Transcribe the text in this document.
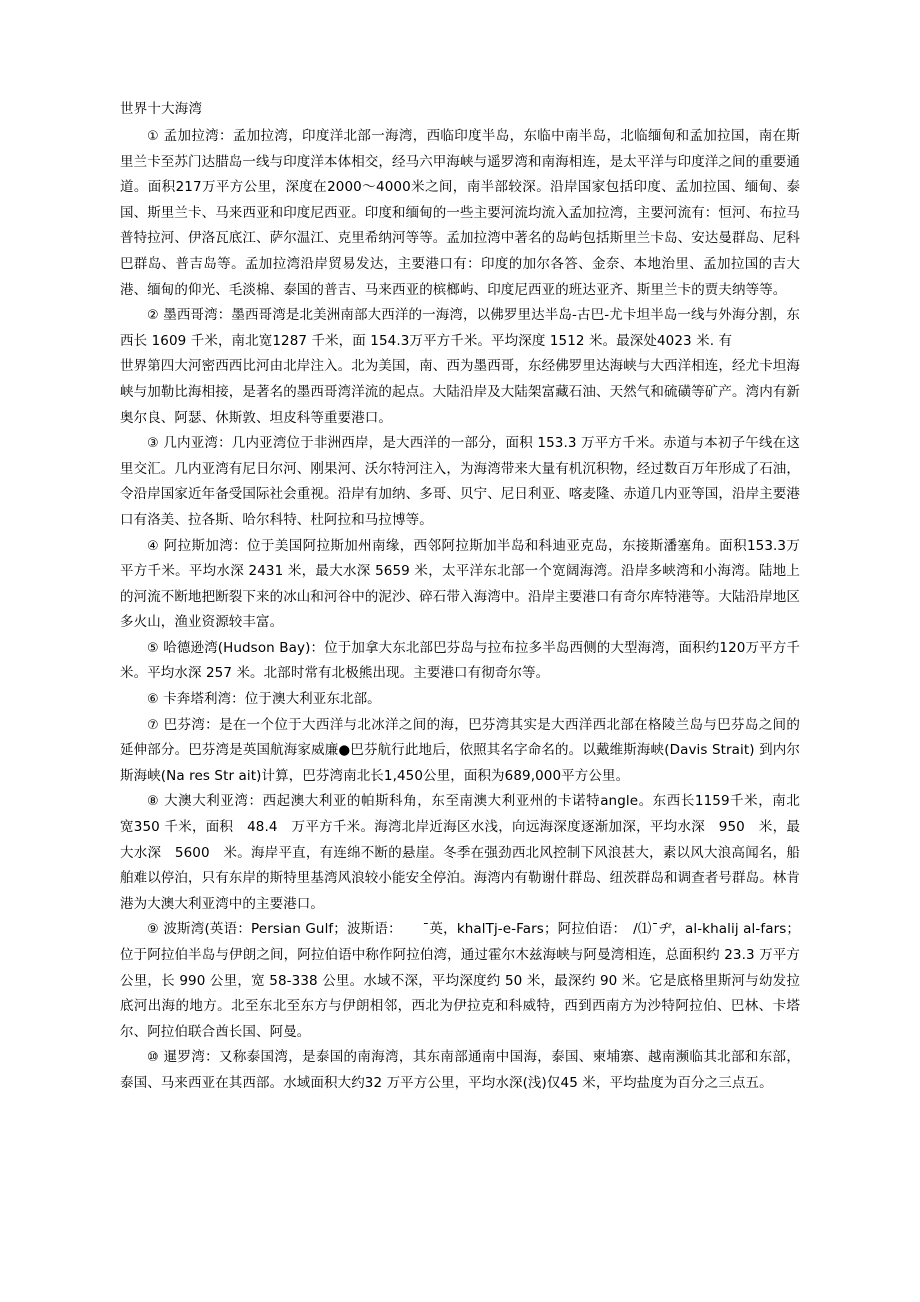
世界十大海湾

① 孟加拉湾：孟加拉湾，印度洋北部一海湾，西临印度半岛，东临中南半岛，北临缅甸和孟加拉国，南在斯里兰卡至苏门达腊岛一线与印度洋本体相交，经马六甲海峡与遥罗湾和南海相连，是太平洋与印度洋之间的重要通道。面积217万平方公里，深度在2000～4000米之间，南半部较深。沿岸国家包括印度、孟加拉国、缅甸、泰国、斯里兰卡、马来西亚和印度尼西亚。印度和缅甸的一些主要河流均流入孟加拉湾，主要河流有：恒河、布拉马普特拉河、伊洛瓦底江、萨尔温江、克里希纳河等等。孟加拉湾中著名的岛屿包括斯里兰卡岛、安达曼群岛、尼科巴群岛、普吉岛等。孟加拉湾沿岸贸易发达，主要港口有：印度的加尔各答、金奈、本地治里、孟加拉国的吉大港、缅甸的仰光、毛淡棉、泰国的普吉、马来西亚的槟榔屿、印度尼西亚的班达亚齐、斯里兰卡的贾夫纳等等。

② 墨西哥湾：墨西哥湾是北美洲南部大西洋的一海湾，以佛罗里达半岛-古巴-尤卡坦半岛一线与外海分割，东西长 1609 千米，南北宽1287 千米，面 154.3万平方千米。平均深度 1512 米。最深处4023 米. 有

世界第四大河密西西比河由北岸注入。北为美国，南、西为墨西哥，东经佛罗里达海峡与大西洋相连，经尤卡坦海峡与加勒比海相接，是著名的墨西哥湾洋流的起点。大陆沿岸及大陆架富藏石油、天然气和硫磺等矿产。湾内有新奥尔良、阿瑟、休斯敦、坦皮科等重要港口。

③ 几内亚湾：几内亚湾位于非洲西岸，是大西洋的一部分，面积 153.3 万平方千米。赤道与本初子午线在这里交汇。几内亚湾有尼日尔河、刚果河、沃尔特河注入，为海湾带来大量有机沉积物，经过数百万年形成了石油，令沿岸国家近年备受国际社会重视。沿岸有加纳、多哥、贝宁、尼日利亚、喀麦隆、赤道几内亚等国，沿岸主要港口有洛美、拉各斯、哈尔科特、杜阿拉和马拉博等。

④ 阿拉斯加湾：位于美国阿拉斯加州南缘，西邻阿拉斯加半岛和科迪亚克岛，东接斯潘塞角。面积153.3万平方千米。平均水深 2431 米，最大水深 5659 米，太平洋东北部一个宽阔海湾。沿岸多峡湾和小海湾。陆地上的河流不断地把断裂下来的冰山和河谷中的泥沙、碎石带入海湾中。沿岸主要港口有奇尔库特港等。大陆沿岸地区多火山，渔业资源较丰富。

⑤ 哈德逊湾(Hudson Bay)：位于加拿大东北部巴芬岛与拉布拉多半岛西侧的大型海湾，面积约120万平方千米。平均水深 257 米。北部时常有北极熊出现。主要港口有彻奇尔等。

⑥ 卡奔塔利湾：位于澳大利亚东北部。

⑦ 巴芬湾：是在一个位于大西洋与北冰洋之间的海，巴芬湾其实是大西洋西北部在格陵兰岛与巴芬岛之间的延伸部分。巴芬湾是英国航海家威廉●巴芬航行此地后，依照其名字命名的。以戴维斯海峡(Davis Strait) 到内尔斯海峡(Na res Str ait)计算，巴芬湾南北长1,450公里，面积为689,000平方公里。

⑧ 大澳大利亚湾：西起澳大利亚的帕斯科角，东至南澳大利亚州的卡诺特angle。东西长1159千米，南北　宽350 千米，面积　48.4　万平方千米。海湾北岸近海区水浅，向远海深度逐渐加深，平均水深　950　米，最大水深　5600　米。海岸平直，有连绵不断的悬崖。冬季在强劲西北风控制下风浪甚大，素以风大浪高闻名，船舶难以停泊，只有东岸的斯特里基湾风浪较小能安全停泊。海湾内有勒谢什群岛、纽茨群岛和调查者号群岛。林肯港为大澳大利亚湾中的主要港口。

⑨ 波斯湾(英语：Persian Gulf；波斯语：　　ˉ英，khalTj-e-Fars；阿拉伯语：　/⑴ˉヂ，al-khalij al-fars；位于阿拉伯半岛与伊朗之间，阿拉伯语中称作阿拉伯湾，通过霍尔木兹海峡与阿曼湾相连，总面积约 23.3 万平方公里，长 990 公里，宽 58-338 公里。水域不深，平均深度约 50 米，最深约 90 米。它是底格里斯河与幼发拉底河出海的地方。北至东北至东方与伊朗相邻，西北为伊拉克和科威特，西到西南方为沙特阿拉伯、巴林、卡塔尔、阿拉伯联合酋长国、阿曼。

⑩ 暹罗湾：又称泰国湾，是泰国的南海湾，其东南部通南中国海，泰国、柬埔寨、越南濒临其北部和东部，泰国、马来西亚在其西部。水域面积大约32 万平方公里，平均水深(浅)仅45 米，平均盐度为百分之三点五。
